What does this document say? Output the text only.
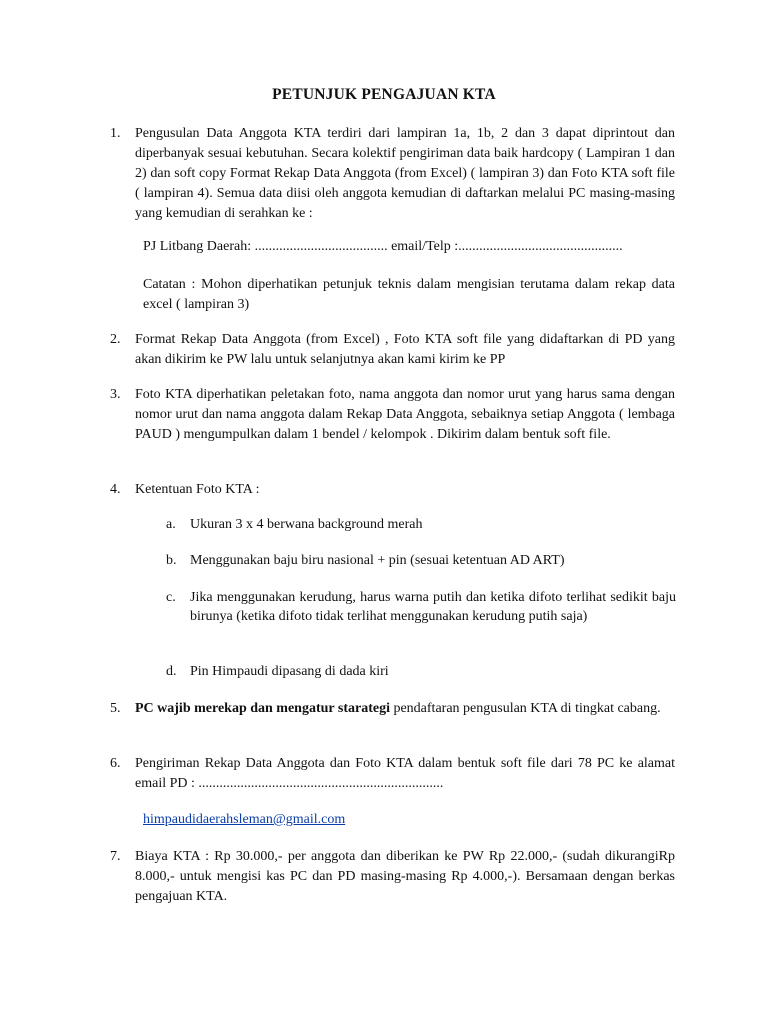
PETUNJUK PENGAJUAN KTA
1. Pengusulan Data Anggota KTA terdiri dari lampiran 1a, 1b, 2 dan 3 dapat diprintout dan diperbanyak sesuai kebutuhan. Secara kolektif pengiriman data baik hardcopy ( Lampiran 1 dan 2) dan soft copy Format Rekap Data Anggota (from Excel) ( lampiran 3) dan Foto KTA soft file ( lampiran 4). Semua data diisi oleh anggota kemudian di daftarkan melalui PC masing-masing yang kemudian di serahkan ke :
PJ Litbang Daerah: ...................................... email/Telp :...............................................
Catatan : Mohon diperhatikan petunjuk teknis dalam mengisian terutama dalam rekap data excel ( lampiran 3)
2. Format Rekap Data Anggota (from Excel) , Foto KTA soft file yang didaftarkan di PD yang akan dikirim ke PW lalu untuk selanjutnya akan kami kirim ke PP
3. Foto KTA diperhatikan peletakan foto, nama anggota dan nomor urut yang harus sama dengan nomor urut dan nama anggota dalam Rekap Data Anggota, sebaiknya setiap Anggota ( lembaga PAUD ) mengumpulkan dalam 1 bendel / kelompok . Dikirim dalam bentuk soft file.
4. Ketentuan Foto KTA :
a. Ukuran 3 x 4 berwana background merah
b. Menggunakan baju biru nasional + pin (sesuai ketentuan AD ART)
c. Jika menggunakan kerudung, harus warna putih dan ketika difoto terlihat sedikit baju birunya (ketika difoto tidak terlihat menggunakan kerudung putih saja)
d. Pin Himpaudi dipasang di dada kiri
5. PC wajib merekap dan mengatur starategi pendaftaran pengusulan KTA di tingkat cabang.
6. Pengiriman Rekap Data Anggota dan Foto KTA dalam bentuk soft file dari 78 PC ke alamat email PD : ......................................................................
himpaudidaerahsleman@gmail.com
7. Biaya KTA : Rp 30.000,- per anggota dan diberikan ke PW Rp 22.000,- (sudah dikurangiRp 8.000,- untuk mengisi kas PC dan PD masing-masing Rp 4.000,-). Bersamaan dengan berkas pengajuan KTA.
